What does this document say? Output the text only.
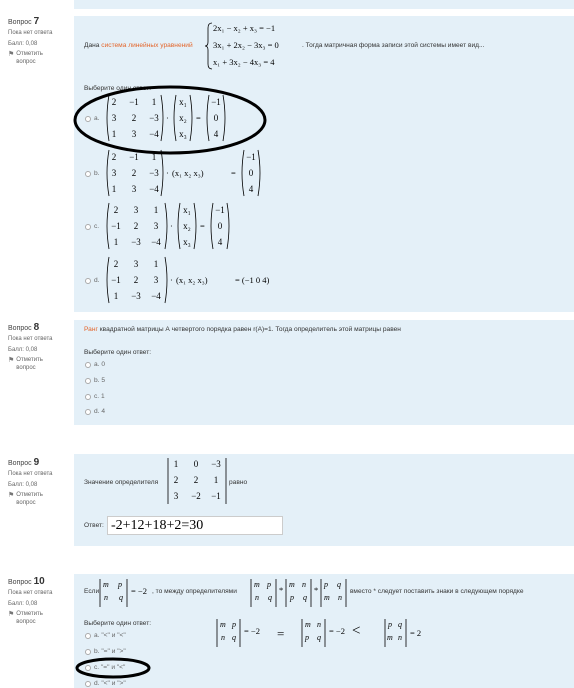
Вопрос 7
Пока нет ответа
Балл: 0,08
⚑ Отметить вопрос
Дана система линейных уравнений
2x₁ − x₂ + x₃ = −1
3x₁ + 2x₂ − 3x₃ = 0
x₁ + 3x₂ − 4x₃ = 4
. Тогда матричная форма записи этой системы имеет вид...
Выберите один ответ:
a.
2	−1	1
3	2	−3
1	3	−4
·
x₁
x₂
x₃
=
−1
0
4
b.
2	−1	1
3	2	−3
1	3	−4
· (x₁ x₂ x₃)	=
−1
0
4
c.
2	3	1
−1	2	3
1	−3 −4
·
x₁
x₂
x₃
=
−1
0
4
d.
2	3	1
−1	2	3
1	−3 −4
· (x₁ x₂ x₃)	= (−1 0 4)
Вопрос 8
Пока нет ответа
Балл: 0,08
⚑ Отметить вопрос
Ранг квадратной матрицы А четвертого порядка равен r(A)=1. Тогда определитель этой матрицы равен
Выберите один ответ:
a. 0
b. 5
c. 1
d. 4
Вопрос 9
Пока нет ответа
Балл: 0,08
⚑ Отметить вопрос
Значение определителя
1	0	−3
2	2	1
3	−2 −1
равно
Ответ: -2+12+18+2=30
Вопрос 10
Пока нет ответа
Балл: 0,08
⚑ Отметить вопрос
Если
m p
n q
= −2 , то между определителями
m p
n q
*
m n
p q
*
p q
m n
вместо * следует поставить знаки в следующем порядке
Выберите один ответ:
a. "<" и "<"
b. "=" и ">"
c. "=" и "<"
d. "<" и ">"
m p
n q
= −2 =
m n
p q
= −2 <	p q
m n = 2
